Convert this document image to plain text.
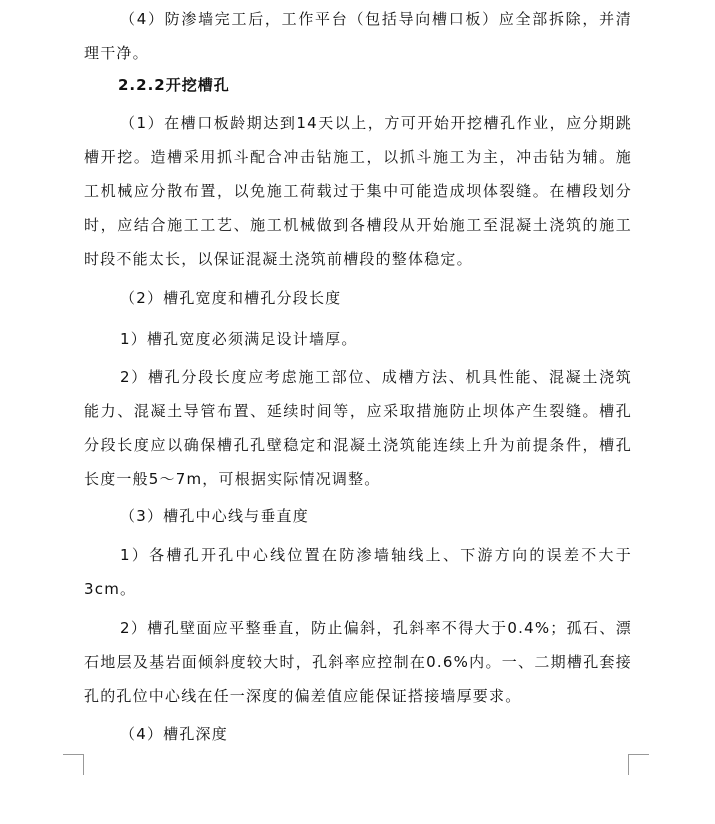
（4）防渗墙完工后，工作平台（包括导向槽口板）应全部拆除，并清理干净。

2.2.2开挖槽孔

（1）在槽口板龄期达到14天以上，方可开始开挖槽孔作业，应分期跳槽开挖。造槽采用抓斗配合冲击钻施工，以抓斗施工为主，冲击钻为辅。施工机械应分散布置，以免施工荷载过于集中可能造成坝体裂缝。在槽段划分时，应结合施工工艺、施工机械做到各槽段从开始施工至混凝土浇筑的施工时段不能太长，以保证混凝土浇筑前槽段的整体稳定。

（2）槽孔宽度和槽孔分段长度

1）槽孔宽度必须满足设计墙厚。

2）槽孔分段长度应考虑施工部位、成槽方法、机具性能、混凝土浇筑能力、混凝土导管布置、延续时间等，应采取措施防止坝体产生裂缝。槽孔分段长度应以确保槽孔孔壁稳定和混凝土浇筑能连续上升为前提条件，槽孔长度一般5～7m，可根据实际情况调整。

（3）槽孔中心线与垂直度

1）各槽孔开孔中心线位置在防渗墙轴线上、下游方向的误差不大于3cm。

2）槽孔壁面应平整垂直，防止偏斜，孔斜率不得大于0.4%；孤石、漂石地层及基岩面倾斜度较大时，孔斜率应控制在0.6%内。一、二期槽孔套接孔的孔位中心线在任一深度的偏差值应能保证搭接墙厚要求。

（4）槽孔深度
